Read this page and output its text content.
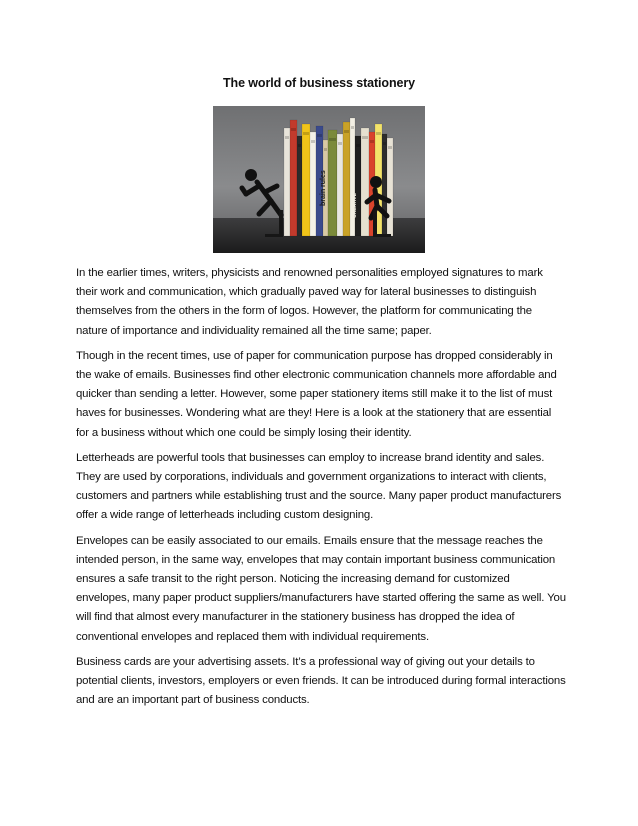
The world of business stationery
brain rules	CREATIVE

In the earlier times, writers, physicists and renowned personalities employed signatures to mark their work and communication, which gradually paved way for lateral businesses to distinguish themselves from the others in the form of logos. However, the platform for communicating the nature of importance and individuality remained all the time same; paper.

Though in the recent times, use of paper for communication purpose has dropped considerably in the wake of emails. Businesses find other electronic communication channels more affordable and quicker than sending a letter. However, some paper stationery items still make it to the list of must haves for businesses. Wondering what are they! Here is a look at the stationery that are essential for a business without which one could be simply losing their identity.

Letterheads are powerful tools that businesses can employ to increase brand identity and sales. They are used by corporations, individuals and government organizations to interact with clients, customers and partners while establishing trust and the source. Many paper product manufacturers offer a wide range of letterheads including custom designing.

Envelopes can be easily associated to our emails. Emails ensure that the message reaches the intended person, in the same way, envelopes that may contain important business communication ensures a safe transit to the right person. Noticing the increasing demand for customized envelopes, many paper product suppliers/manufacturers have started offering the same as well. You will find that almost every manufacturer in the stationery business has dropped the idea of conventional envelopes and replaced them with individual requirements.

Business cards are your advertising assets. It’s a professional way of giving out your details to potential clients, investors, employers or even friends. It can be introduced during formal interactions and are an important part of business conducts.
